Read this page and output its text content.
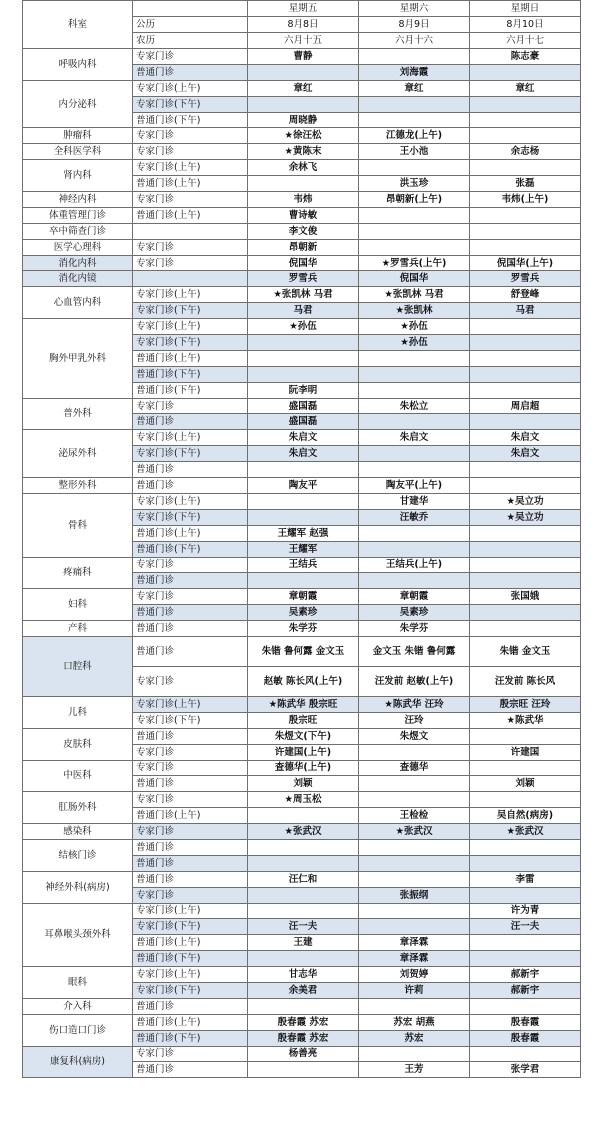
科室		星期五	星期六	星期日
	公历	8月8日	8月9日	8月10日
	农历	六月十五	六月十六	六月十七
呼吸内科	专家门诊	曹静		陈志豪
	普通门诊		刘海霞	
内分泌科	专家门诊(上午)	章红	章红	章红
	专家门诊(下午)			
	普通门诊(下午)	周晓静		
肿瘤科	专家门诊	★徐汪松	江德龙(上午)	
全科医学科	专家门诊	★黄陈末	王小池	余志杨
肾内科	专家门诊(上午)	余林飞		
	普通门诊(上午)		洪玉珍	张磊
神经内科	专家门诊	韦炜	昂朝新(上午)	韦炜(上午)
体重管理门诊	普通门诊(上午)	曹诗敏		
卒中筛查门诊		李文俊		
医学心理科	专家门诊	昂朝新		
消化内科	专家门诊	倪国华	★罗雪兵(上午)	倪国华(上午)
消化内镜		罗雪兵	倪国华	罗雪兵
心血管内科	专家门诊(上午)	★张凯林 马君	★张凯林 马君	舒登峰
	专家门诊(下午)	马君	★张凯林	马君
胸外甲乳外科	专家门诊(上午)	★孙伍	★孙伍	
	专家门诊(下午)		★孙伍	
	普通门诊(上午)			
	普通门诊(下午)			
	普通门诊(下午)	阮李明		
普外科	专家门诊	盛国磊	朱松立	周启超
	普通门诊	盛国磊		
泌尿外科	专家门诊(上午)	朱启文	朱启文	朱启文
	专家门诊(下午)	朱启文		朱启文
	普通门诊			
整形外科	普通门诊	陶友平	陶友平(上午)	
骨科	专家门诊(上午)		甘建华	★吴立功
	专家门诊(下午)		汪敏乔	★吴立功
	普通门诊(上午)	王耀军 赵强		
	普通门诊(下午)	王耀军		
疼痛科	专家门诊	王结兵	王结兵(上午)	
	普通门诊			
妇科	专家门诊	章朝霞	章朝霞	张国娥
	普通门诊	吴素珍	吴素珍	
产科	普通门诊	朱学芬	朱学芬	
口腔科	普通门诊	朱锴 鲁何露 金文玉	金文玉 朱锴 鲁何露	朱锴 金文玉
	专家门诊	赵敏 陈长风(上午)	汪发前 赵敏(上午)	汪发前 陈长风
儿科	专家门诊(上午)	★陈武华 殷宗旺	★陈武华 汪玲	殷宗旺 汪玲
	专家门诊(下午)	殷宗旺	汪玲	★陈武华
皮肤科	普通门诊	朱煜文(下午)	朱煜文	
	专家门诊	许建国(上午)		许建国
中医科	专家门诊	查德华(上午)	查德华	
	普通门诊	刘颖		刘颖
肛肠外科	专家门诊	★周玉松		
	普通门诊(上午)		王检检	吴自然(病房)
感染科	专家门诊	★张武汉	★张武汉	★张武汉
结核门诊	普通门诊			
	普通门诊			
神经外科(病房)	普通门诊	汪仁和		李雷
	专家门诊		张振纲	
耳鼻喉头颈外科	专家门诊(上午)			许为青
	专家门诊(下午)	汪一夫		汪一夫
	普通门诊(上午)	王建	章泽霖	
	普通门诊(下午)		章泽霖	
眼科	专家门诊(上午)	甘志华	刘贺婷	郝新宇
	专家门诊(下午)	余美君	许莉	郝新宇
介入科	普通门诊			
伤口造口门诊	普通门诊(上午)	殷春霞 苏宏	苏宏 胡燕	殷春霞
	普通门诊(下午)	殷春霞 苏宏	苏宏	殷春霞
康复科(病房)	专家门诊	杨善亮		
	普通门诊		王芳	张学君
